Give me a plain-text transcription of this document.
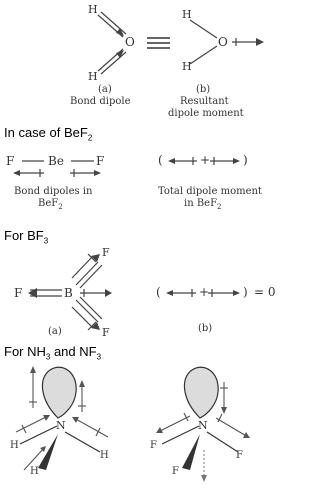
H
O
H
H
O
H
(a)
Bond dipole
(b)
Resultant
dipole moment
In case of BeF$_2$
F	Be	F	(	+	)
Bond dipoles in
BeF$_2$
Total dipole moment
in BeF$_2$
For $BF_3$
F	B
F
F
(	+	) = 0
(a)	(b)
For $NH_3$ and $NF_3$
N
H
H
H
N
F
F
F
